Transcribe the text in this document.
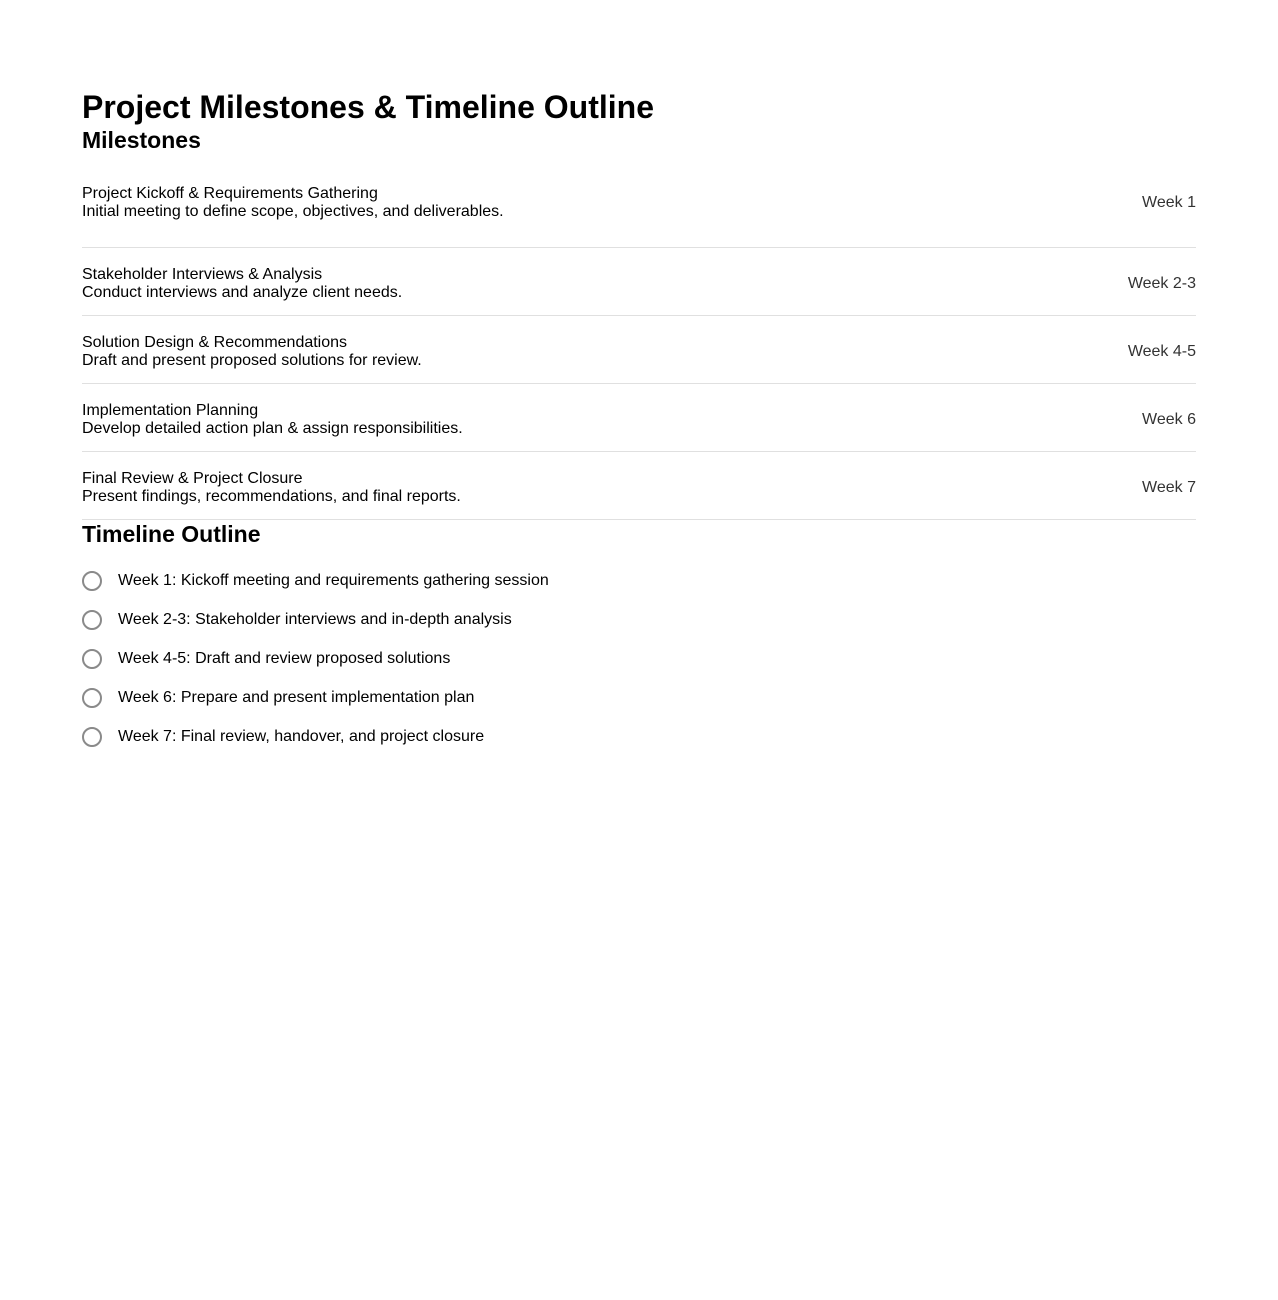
Project Milestones & Timeline Outline
Milestones
Project Kickoff & Requirements Gathering
Initial meeting to define scope, objectives, and deliverables.
Week 1
Stakeholder Interviews & Analysis
Conduct interviews and analyze client needs.
Week 2-3
Solution Design & Recommendations
Draft and present proposed solutions for review.
Week 4-5
Implementation Planning
Develop detailed action plan & assign responsibilities.
Week 6
Final Review & Project Closure
Present findings, recommendations, and final reports.
Week 7
Timeline Outline
Week 1: Kickoff meeting and requirements gathering session
Week 2-3: Stakeholder interviews and in-depth analysis
Week 4-5: Draft and review proposed solutions
Week 6: Prepare and present implementation plan
Week 7: Final review, handover, and project closure
